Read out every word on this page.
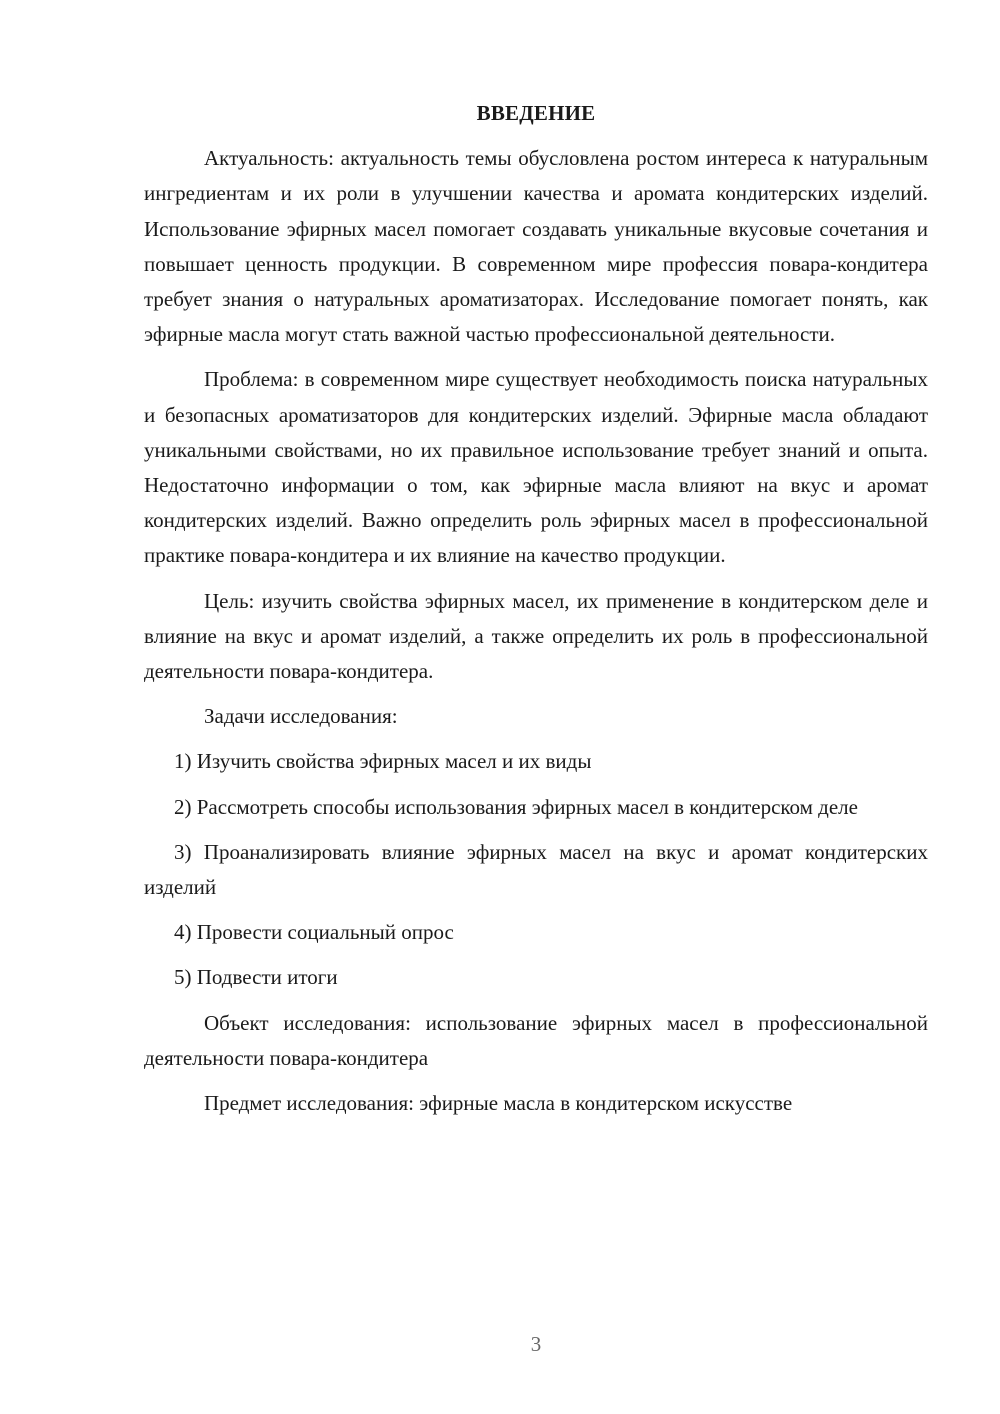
ВВЕДЕНИЕ

Актуальность: актуальность темы обусловлена ростом интереса к натуральным ингредиентам и их роли в улучшении качества и аромата кондитерских изделий. Использование эфирных масел помогает создавать уникальные вкусовые сочетания и повышает ценность продукции. В современном мире профессия повара-кондитера требует знания о натуральных ароматизаторах. Исследование помогает понять, как эфирные масла могут стать важной частью профессиональной деятельности.

Проблема: в современном мире существует необходимость поиска натуральных и безопасных ароматизаторов для кондитерских изделий. Эфирные масла обладают уникальными свойствами, но их правильное использование требует знаний и опыта. Недостаточно информации о том, как эфирные масла влияют на вкус и аромат кондитерских изделий. Важно определить роль эфирных масел в профессиональной практике повара-кондитера и их влияние на качество продукции.

Цель: изучить свойства эфирных масел, их применение в кондитерском деле и влияние на вкус и аромат изделий, а также определить их роль в профессиональной деятельности повара-кондитера.

Задачи исследования:

1) Изучить свойства эфирных масел и их виды

2) Рассмотреть способы использования эфирных масел в кондитерском деле

3) Проанализировать влияние эфирных масел на вкус и аромат кондитерских изделий

4) Провести социальный опрос

5) Подвести итоги

Объект исследования: использование эфирных масел в профессиональной деятельности повара-кондитера

Предмет исследования: эфирные масла в кондитерском искусстве

3
